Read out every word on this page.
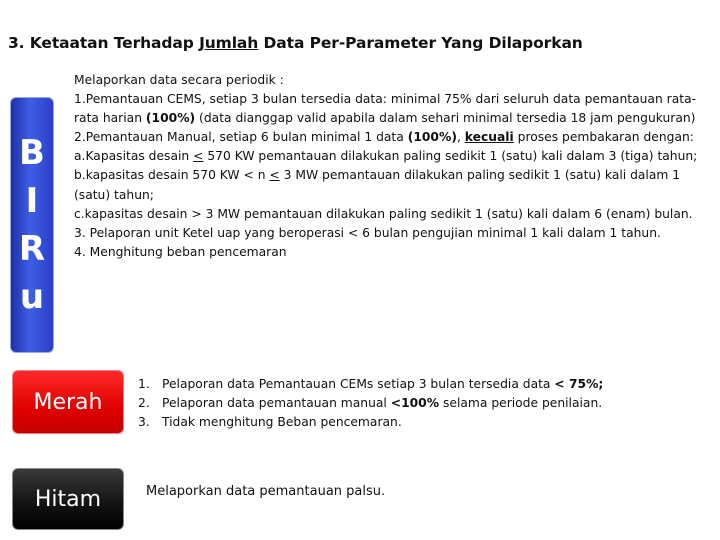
3. Ketaatan Terhadap Jumlah Data Per-Parameter Yang Dilaporkan
B
I
R
u

Melaporkan data secara periodik :

1.Pemantauan CEMS, setiap 3 bulan tersedia data: minimal 75% dari seluruh data pemantauan rata-rata harian (100%) (data dianggap valid apabila dalam sehari minimal tersedia 18 jam pengukuran)

2.Pemantauan Manual, setiap 6 bulan minimal 1 data (100%), kecuali proses pembakaran dengan:

a.Kapasitas desain < 570 KW pemantauan dilakukan paling sedikit 1 (satu) kali dalam 3 (tiga) tahun;

b.kapasitas desain 570 KW < n < 3 MW pemantauan dilakukan paling sedikit 1 (satu) kali dalam 1 (satu) tahun;

c.kapasitas desain > 3 MW pemantauan dilakukan paling sedikit 1 (satu) kali dalam 6 (enam) bulan.

3. Pelaporan unit Ketel uap yang beroperasi < 6 bulan pengujian minimal 1 kali dalam 1 tahun.

4. Menghitung beban pencemaran

Merah
1. Pelaporan data Pemantauan CEMs setiap 3 bulan tersedia data < 75%;
2. Pelaporan data pemantauan manual <100% selama periode penilaian.
3. Tidak menghitung Beban pencemaran.
Hitam	Melaporkan data pemantauan palsu.
